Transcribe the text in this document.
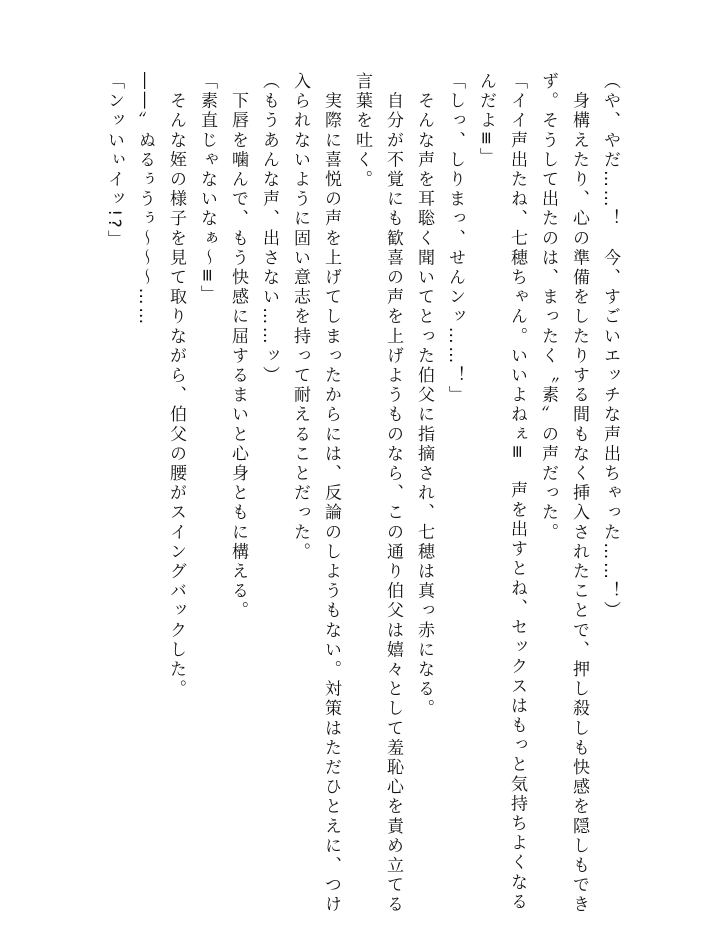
（や、やだ……！　今、すごいエッチな声出ちゃった……！）

　身構えたり、心の準備をしたりする間もなく挿入されたことで、押し殺しも快感を隠しもでき

ず。そうして出たのは、まったく〝素〟の声だった。

「イイ声出たね、七穂ちゃん。いいよねぇ≡　声を出すとね、セックスはもっと気持ちよくなる

んだよ≡」

「しっ、しりまっ、せんンッ……！」

　そんな声を耳聡く聞いてとった伯父に指摘され、七穂は真っ赤になる。

　自分が不覚にも歓喜の声を上げようものなら、この通り伯父は嬉々として羞恥心を責め立てる

言葉を吐く。

　実際に喜悦の声を上げてしまったからには、反論のしようもない。対策はただひとえに、つけ

入られないように固い意志を持って耐えることだった。

（もうあんな声、出さない……ッ）

　下唇を噛んで、もう快感に屈するまいと心身ともに構える。

「素直じゃないなぁ～≡」

　そんな姪の様子を見て取りながら、伯父の腰がスイングバックした。

――〟ぬるぅうぅ～～～……

「ンッいぃイッ!?」
